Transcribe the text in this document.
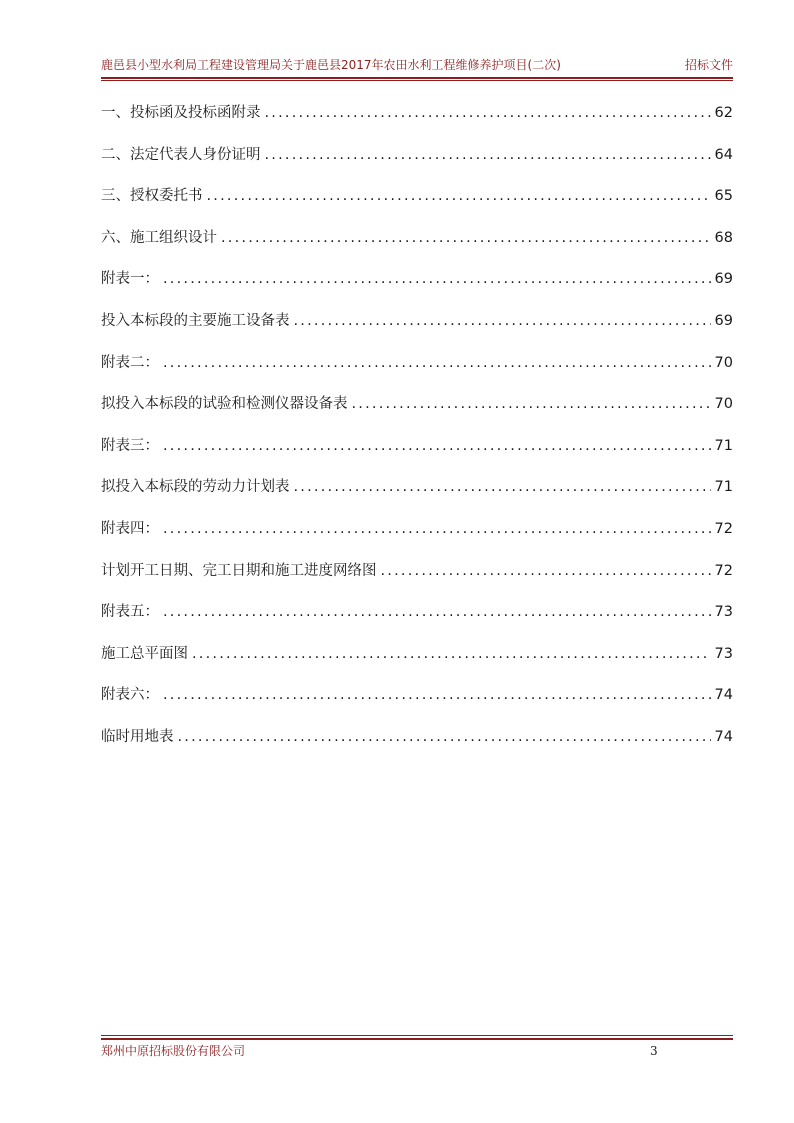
鹿邑县小型水利局工程建设管理局关于鹿邑县2017年农田水利工程维修养护项目(二次)	招标文件
一、投标函及投标函附录 .....	62
二、法定代表人身份证明 .....	64
三、授权委托书 .....	65
六、施工组织设计 .....	68
附表一： .....	69
投入本标段的主要施工设备表 .....	69
附表二： .....	70
拟投入本标段的试验和检测仪器设备表 .....	70
附表三： .....	71
拟投入本标段的劳动力计划表 .....	71
附表四： .....	72
计划开工日期、完工日期和施工进度网络图 .....	72
附表五： .....	73
施工总平面图 .....	73
附表六： .....	74
临时用地表 .....	74
郑州中原招标股份有限公司	3
